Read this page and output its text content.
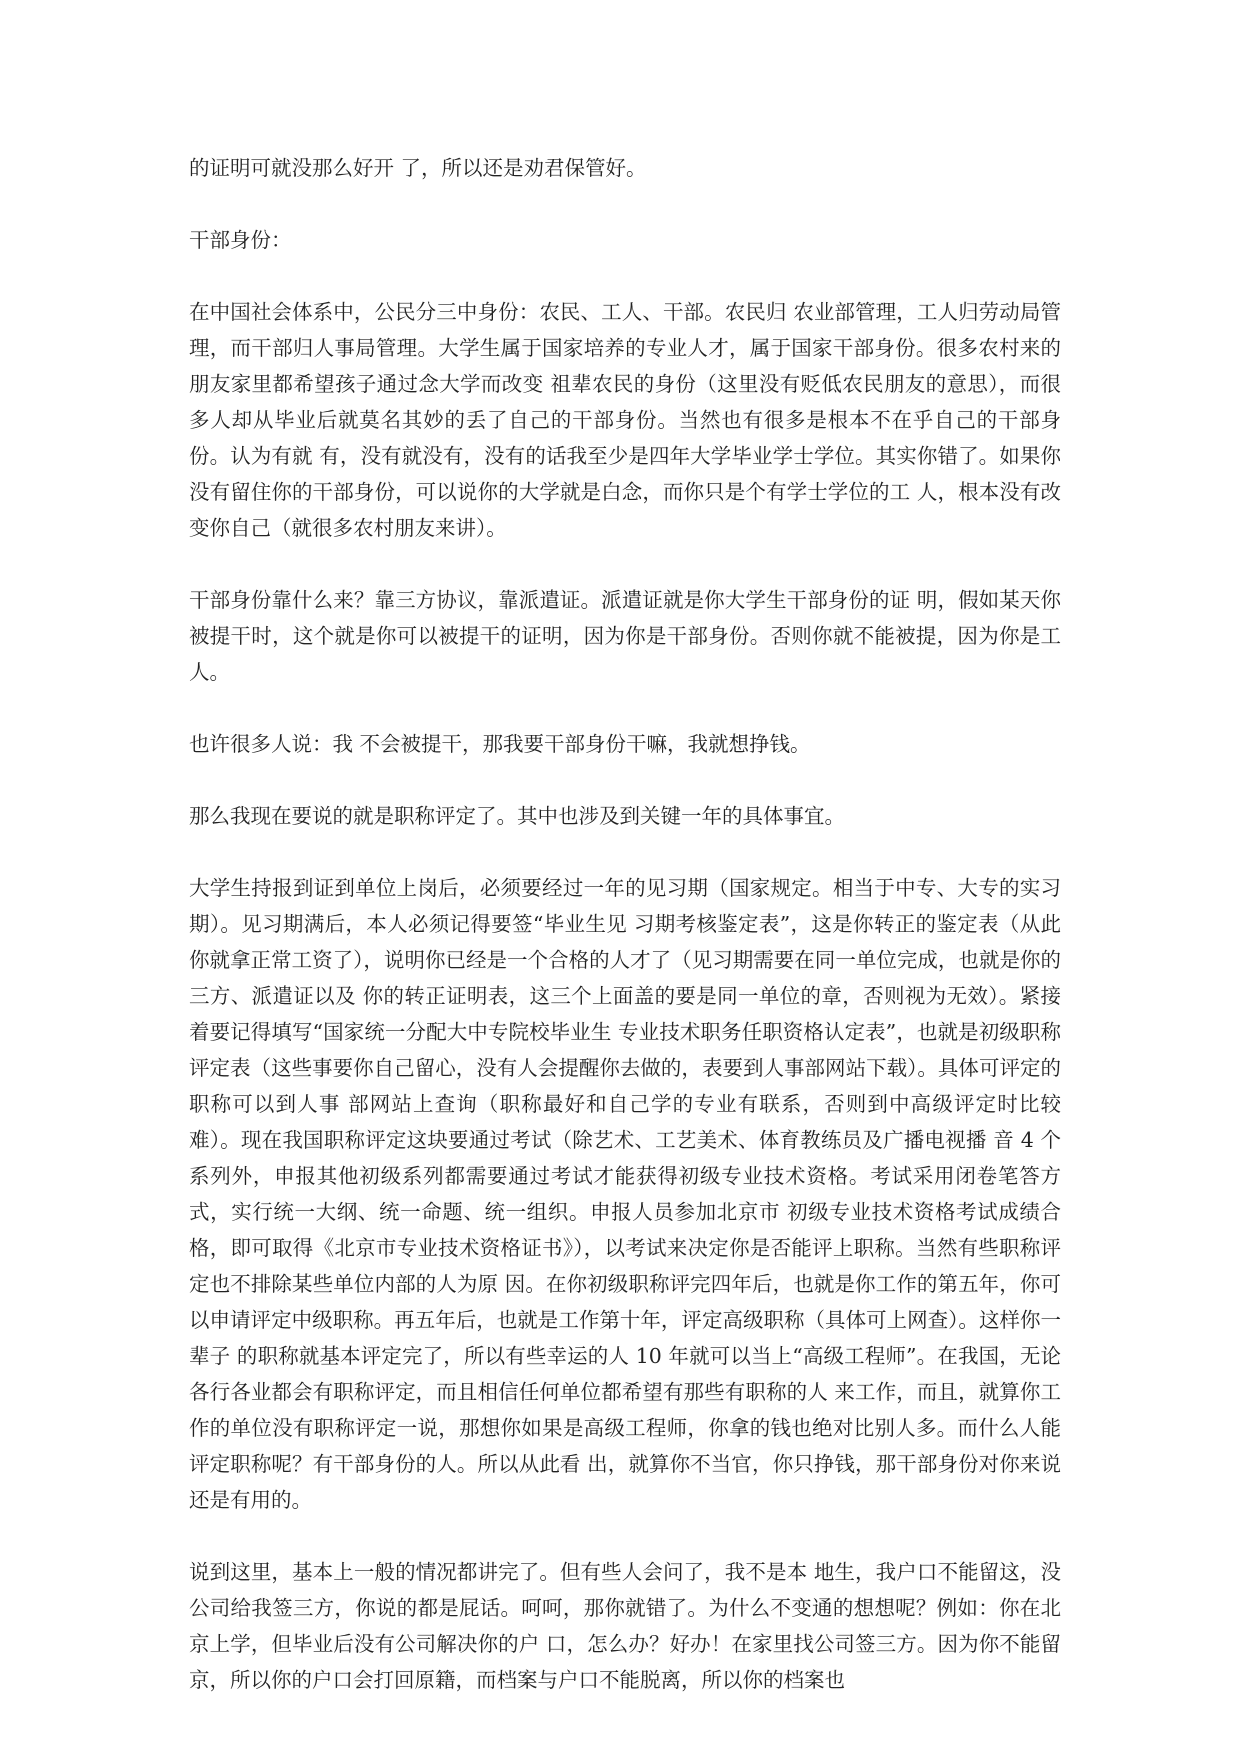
的证明可就没那么好开 了，所以还是劝君保管好。

干部身份：

在中国社会体系中，公民分三中身份：农民、工人、干部。农民归 农业部管理，工人归劳动局管理，而干部归人事局管理。大学生属于国家培养的专业人才，属于国家干部身份。很多农村来的朋友家里都希望孩子通过念大学而改变 祖辈农民的身份（这里没有贬低农民朋友的意思），而很多人却从毕业后就莫名其妙的丢了自己的干部身份。当然也有很多是根本不在乎自己的干部身份。认为有就 有，没有就没有，没有的话我至少是四年大学毕业学士学位。其实你错了。如果你没有留住你的干部身份，可以说你的大学就是白念，而你只是个有学士学位的工 人，根本没有改变你自己（就很多农村朋友来讲）。

干部身份靠什么来？靠三方协议，靠派遣证。派遣证就是你大学生干部身份的证 明，假如某天你被提干时，这个就是你可以被提干的证明，因为你是干部身份。否则你就不能被提，因为你是工人。

也许很多人说：我 不会被提干，那我要干部身份干嘛，我就想挣钱。

那么我现在要说的就是职称评定了。其中也涉及到关键一年的具体事宜。

大学生持报到证到单位上岗后，必须要经过一年的见习期（国家规定。相当于中专、大专的实习期）。见习期满后，本人必须记得要签“毕业生见 习期考核鉴定表”，这是你转正的鉴定表（从此你就拿正常工资了），说明你已经是一个合格的人才了（见习期需要在同一单位完成，也就是你的三方、派遣证以及 你的转正证明表，这三个上面盖的要是同一单位的章，否则视为无效）。紧接着要记得填写“国家统一分配大中专院校毕业生 专业技术职务任职资格认定表”，也就是初级职称评定表（这些事要你自己留心，没有人会提醒你去做的，表要到人事部网站下载）。具体可评定的职称可以到人事 部网站上查询（职称最好和自己学的专业有联系，否则到中高级评定时比较难）。现在我国职称评定这块要通过考试（除艺术、工艺美术、体育教练员及广播电视播 音 4 个系列外，申报其他初级系列都需要通过考试才能获得初级专业技术资格。考试采用闭卷笔答方式，实行统一大纲、统一命题、统一组织。申报人员参加北京市 初级专业技术资格考试成绩合格，即可取得《北京市专业技术资格证书》），以考试来决定你是否能评上职称。当然有些职称评定也不排除某些单位内部的人为原 因。在你初级职称评完四年后，也就是你工作的第五年，你可以申请评定中级职称。再五年后，也就是工作第十年，评定高级职称（具体可上网查）。这样你一辈子 的职称就基本评定完了，所以有些幸运的人 10 年就可以当上“高级工程师”。在我国，无论各行各业都会有职称评定，而且相信任何单位都希望有那些有职称的人 来工作，而且，就算你工作的单位没有职称评定一说，那想你如果是高级工程师，你拿的钱也绝对比别人多。而什么人能评定职称呢？有干部身份的人。所以从此看 出，就算你不当官，你只挣钱，那干部身份对你来说还是有用的。

说到这里，基本上一般的情况都讲完了。但有些人会问了，我不是本 地生，我户口不能留这，没公司给我签三方，你说的都是屁话。呵呵，那你就错了。为什么不变通的想想呢？例如：你在北京上学，但毕业后没有公司解决你的户 口，怎么办？好办！在家里找公司签三方。因为你不能留京，所以你的户口会打回原籍，而档案与户口不能脱离，所以你的档案也
